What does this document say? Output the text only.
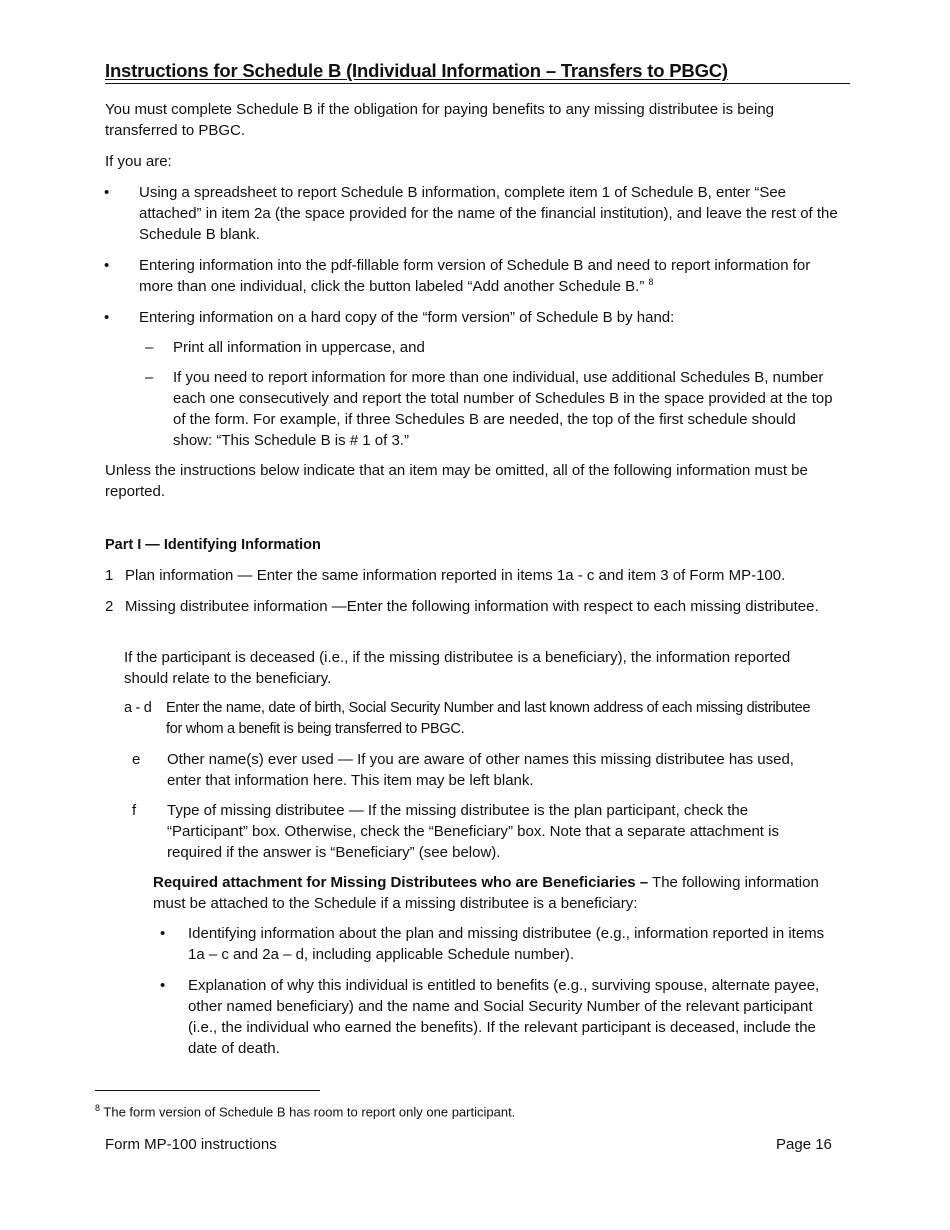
Instructions for Schedule B (Individual Information – Transfers to PBGC)
You must complete Schedule B if the obligation for paying benefits to any missing distributee is being transferred to PBGC.
If you are:
• Using a spreadsheet to report Schedule B information, complete item 1 of Schedule B, enter “See attached” in item 2a (the space provided for the name of the financial institution), and leave the rest of the Schedule B blank.
• Entering information into the pdf-fillable form version of Schedule B and need to report information for more than one individual, click the button labeled “Add another Schedule B.” $^8$
• Entering information on a hard copy of the “form version” of Schedule B by hand:
– Print all information in uppercase, and
– If you need to report information for more than one individual, use additional Schedules B, number each one consecutively and report the total number of Schedules B in the space provided at the top of the form. For example, if three Schedules B are needed, the top of the first schedule should show: “This Schedule B is # 1 of 3.”
Unless the instructions below indicate that an item may be omitted, all of the following information must be reported.
Part I — Identifying Information
1 Plan information — Enter the same information reported in items 1a - c and item 3 of Form MP-100.
2 Missing distributee information —Enter the following information with respect to each missing distributee.
If the participant is deceased (i.e., if the missing distributee is a beneficiary), the information reported should relate to the beneficiary.
a - d Enter the name, date of birth, Social Security Number and last known address of each missing distributee for whom a benefit is being transferred to PBGC.
e Other name(s) ever used — If you are aware of other names this missing distributee has used, enter that information here. This item may be left blank.
f Type of missing distributee — If the missing distributee is the plan participant, check the “Participant” box. Otherwise, check the “Beneficiary” box. Note that a separate attachment is required if the answer is “Beneficiary” (see below).
Required attachment for Missing Distributees who are Beneficiaries – The following information must be attached to the Schedule if a missing distributee is a beneficiary:
• Identifying information about the plan and missing distributee (e.g., information reported in items 1a – c and 2a – d, including applicable Schedule number).
• Explanation of why this individual is entitled to benefits (e.g., surviving spouse, alternate payee, other named beneficiary) and the name and Social Security Number of the relevant participant (i.e., the individual who earned the benefits). If the relevant participant is deceased, include the date of death.
$^8$ The form version of Schedule B has room to report only one participant.
Form MP-100 instructions	Page 16
